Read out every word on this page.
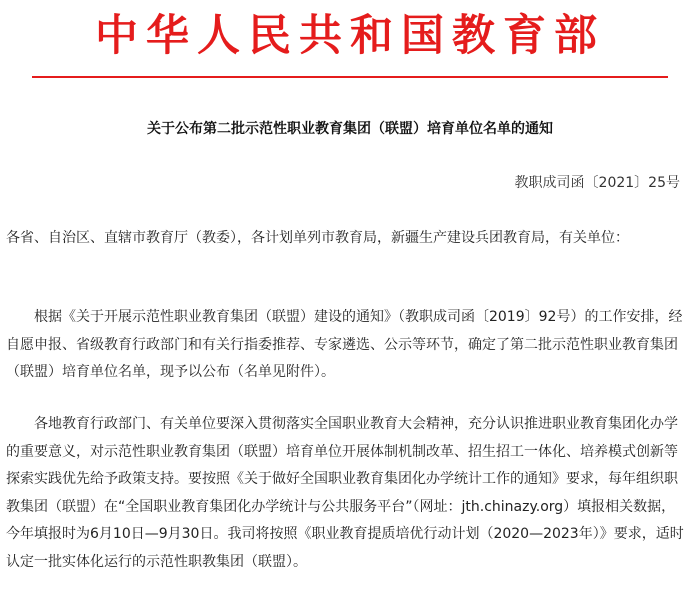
中华人民共和国教育部
关于公布第二批示范性职业教育集团（联盟）培育单位名单的通知
教职成司函〔2021〕25号

各省、自治区、直辖市教育厅（教委），各计划单列市教育局，新疆生产建设兵团教育局，有关单位：

根据《关于开展示范性职业教育集团（联盟）建设的通知》（教职成司函〔2019〕92号）的工作安排，经自愿申报、省级教育行政部门和有关行指委推荐、专家遴选、公示等环节，确定了第二批示范性职业教育集团（联盟）培育单位名单，现予以公布（名单见附件）。

各地教育行政部门、有关单位要深入贯彻落实全国职业教育大会精神，充分认识推进职业教育集团化办学的重要意义，对示范性职业教育集团（联盟）培育单位开展体制机制改革、招生招工一体化、培养模式创新等探索实践优先给予政策支持。要按照《关于做好全国职业教育集团化办学统计工作的通知》要求，每年组织职教集团（联盟）在“全国职业教育集团化办学统计与公共服务平台”（网址：jth.chinazy.org）填报相关数据，今年填报时为6月10日—9月30日。我司将按照《职业教育提质培优行动计划（2020—2023年）》要求，适时认定一批实体化运行的示范性职教集团（联盟）。
